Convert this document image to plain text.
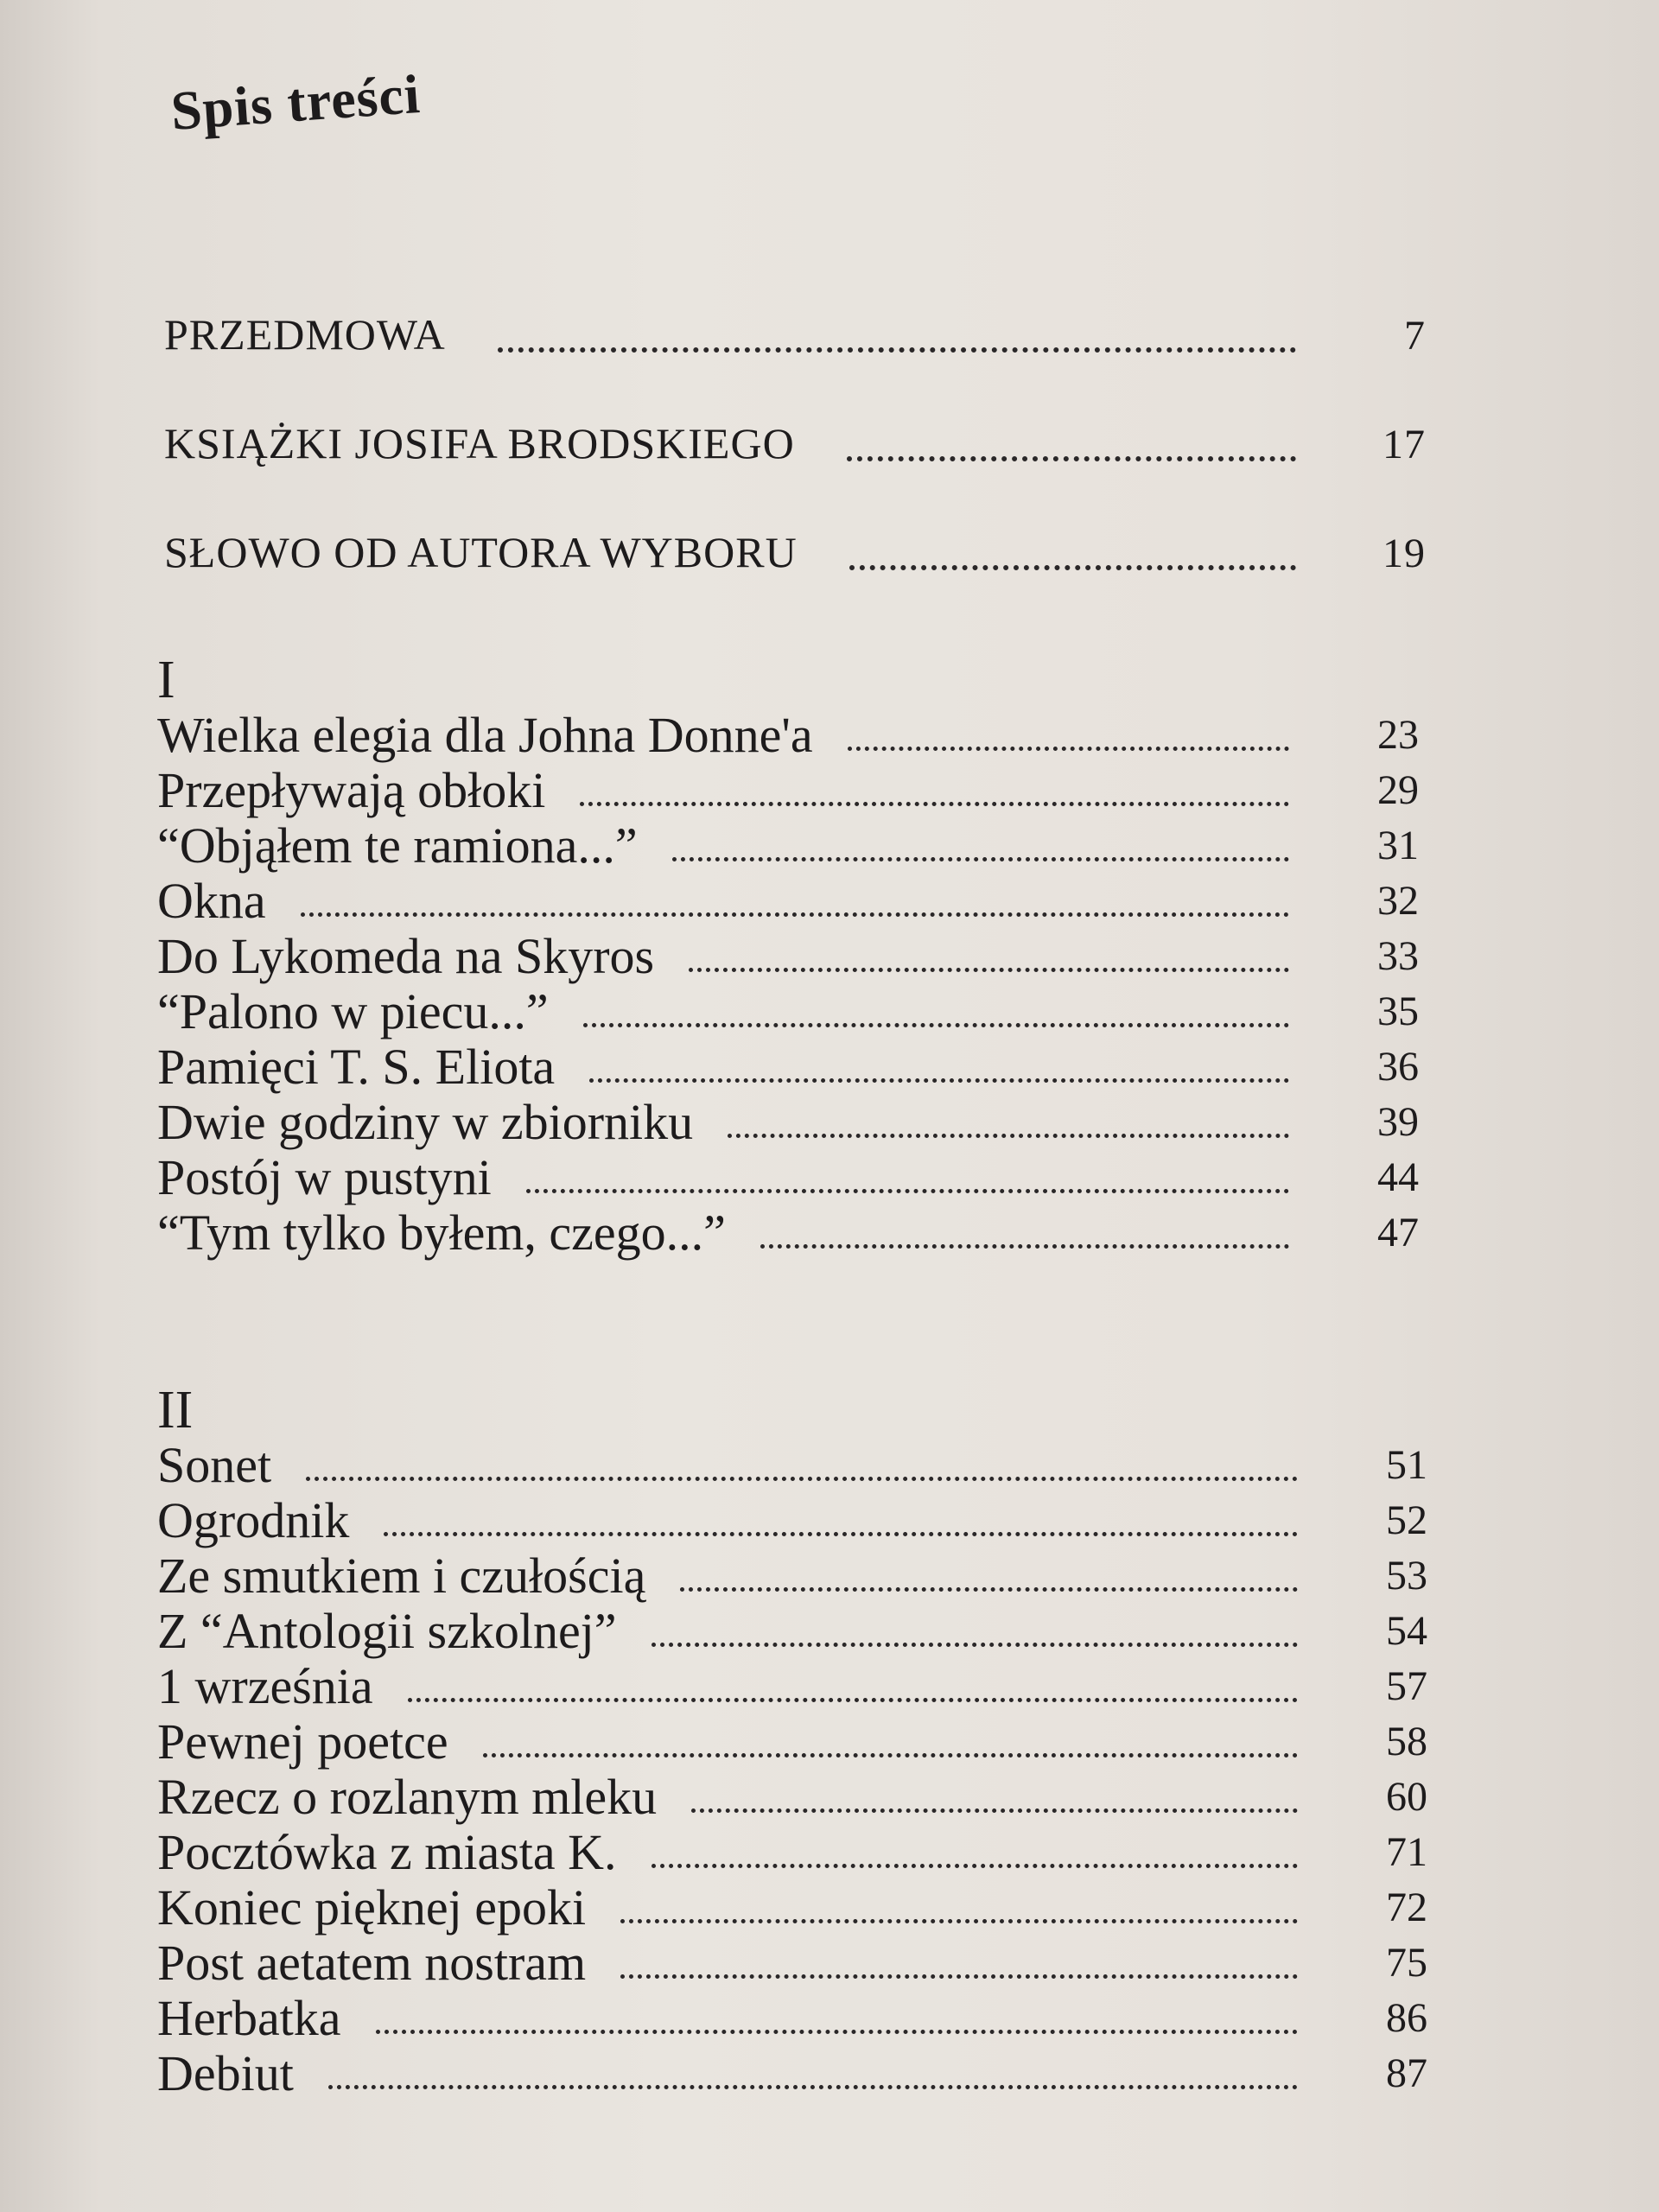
Spis treści
PRZEDMOWA	7
KSIĄŻKI JOSIFA BRODSKIEGO	17
SŁOWO OD AUTORA WYBORU	19
I
Wielka elegia dla Johna Donne'a	23
Przepływają obłoki	29
“Objąłem te ramiona...”	31
Okna	32
Do Lykomeda na Skyros	33
“Palono w piecu...”	35
Pamięci T. S. Eliota	36
Dwie godziny w zbiorniku	39
Postój w pustyni	44
“Tym tylko byłem, czego...”	47
II
Sonet	51
Ogrodnik	52
Ze smutkiem i czułością	53
Z “Antologii szkolnej”	54
1 września	57
Pewnej poetce	58
Rzecz o rozlanym mleku	60
Pocztówka z miasta K.	71
Koniec pięknej epoki	72
Post aetatem nostram	75
Herbatka	86
Debiut	87
